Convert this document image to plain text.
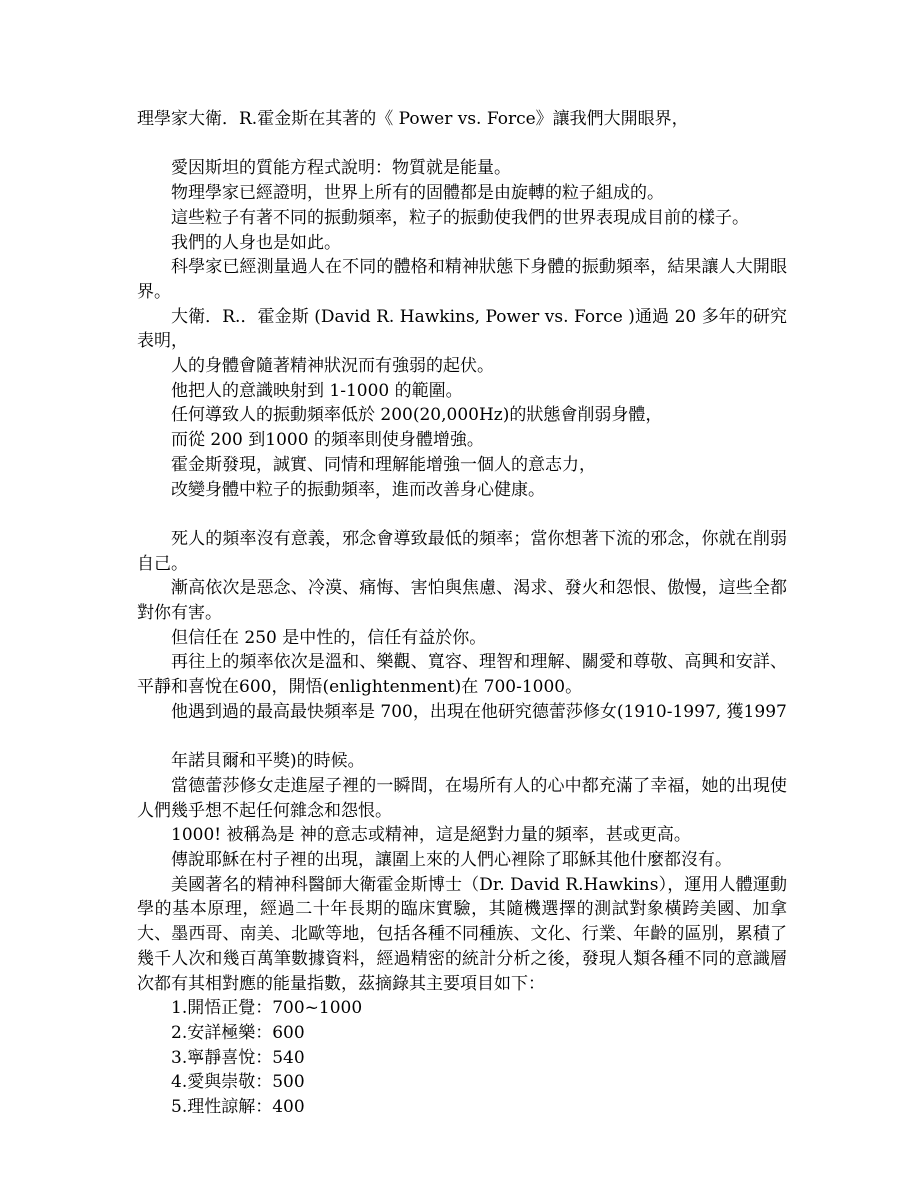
理學家大衛．R.霍金斯在其著的《 Power vs. Force》讓我們大開眼界，

愛因斯坦的質能方程式說明：物質就是能量。

物理學家已經證明，世界上所有的固體都是由旋轉的粒子組成的。

這些粒子有著不同的振動頻率，粒子的振動使我們的世界表現成目前的樣子。

我們的人身也是如此。

科學家已經測量過人在不同的體格和精神狀態下身體的振動頻率，結果讓人大開眼界。

大衛．R.．霍金斯 (David R. Hawkins, Power vs. Force )通過 20 多年的研究表明，

人的身體會隨著精神狀況而有強弱的起伏。

他把人的意識映射到 1-1000 的範圍。

任何導致人的振動頻率低於 200(20,000Hz)的狀態會削弱身體，

而從 200 到1000 的頻率則使身體增強。

霍金斯發現，誠實、同情和理解能增強一個人的意志力，

改變身體中粒子的振動頻率，進而改善身心健康。

死人的頻率沒有意義，邪念會導致最低的頻率；當你想著下流的邪念，你就在削弱自己。

漸高依次是惡念、冷漠、痛悔、害怕與焦慮、渴求、發火和怨恨、傲慢，這些全都對你有害。

但信任在 250 是中性的，信任有益於你。

再往上的頻率依次是溫和、樂觀、寬容、理智和理解、關愛和尊敬、高興和安詳、平靜和喜悅在600，開悟(enlightenment)在 700-1000。

他遇到過的最高最快頻率是 700，出現在他研究德蕾莎修女(1910-1997, 獲1997

年諾貝爾和平獎)的時候。

當德蕾莎修女走進屋子裡的一瞬間，在場所有人的心中都充滿了幸福，她的出現使人們幾乎想不起任何雜念和怨恨。

1000! 被稱為是 神的意志或精神，這是絕對力量的頻率，甚或更高。

傳說耶穌在村子裡的出現，讓圍上來的人們心裡除了耶穌其他什麼都沒有。

美國著名的精神科醫師大衛霍金斯博士（Dr. David R.Hawkins），運用人體運動學的基本原理，經過二十年長期的臨床實驗，其隨機選擇的測試對象橫跨美國、加拿大、墨西哥、南美、北歐等地，包括各種不同種族、文化、行業、年齡的區別，累積了幾千人次和幾百萬筆數據資料，經過精密的統計分析之後，發現人類各種不同的意識層次都有其相對應的能量指數，茲摘錄其主要項目如下：

1.開悟正覺：700~1000

2.安詳極樂：600

3.寧靜喜悅：540

4.愛與崇敬：500

5.理性諒解：400
